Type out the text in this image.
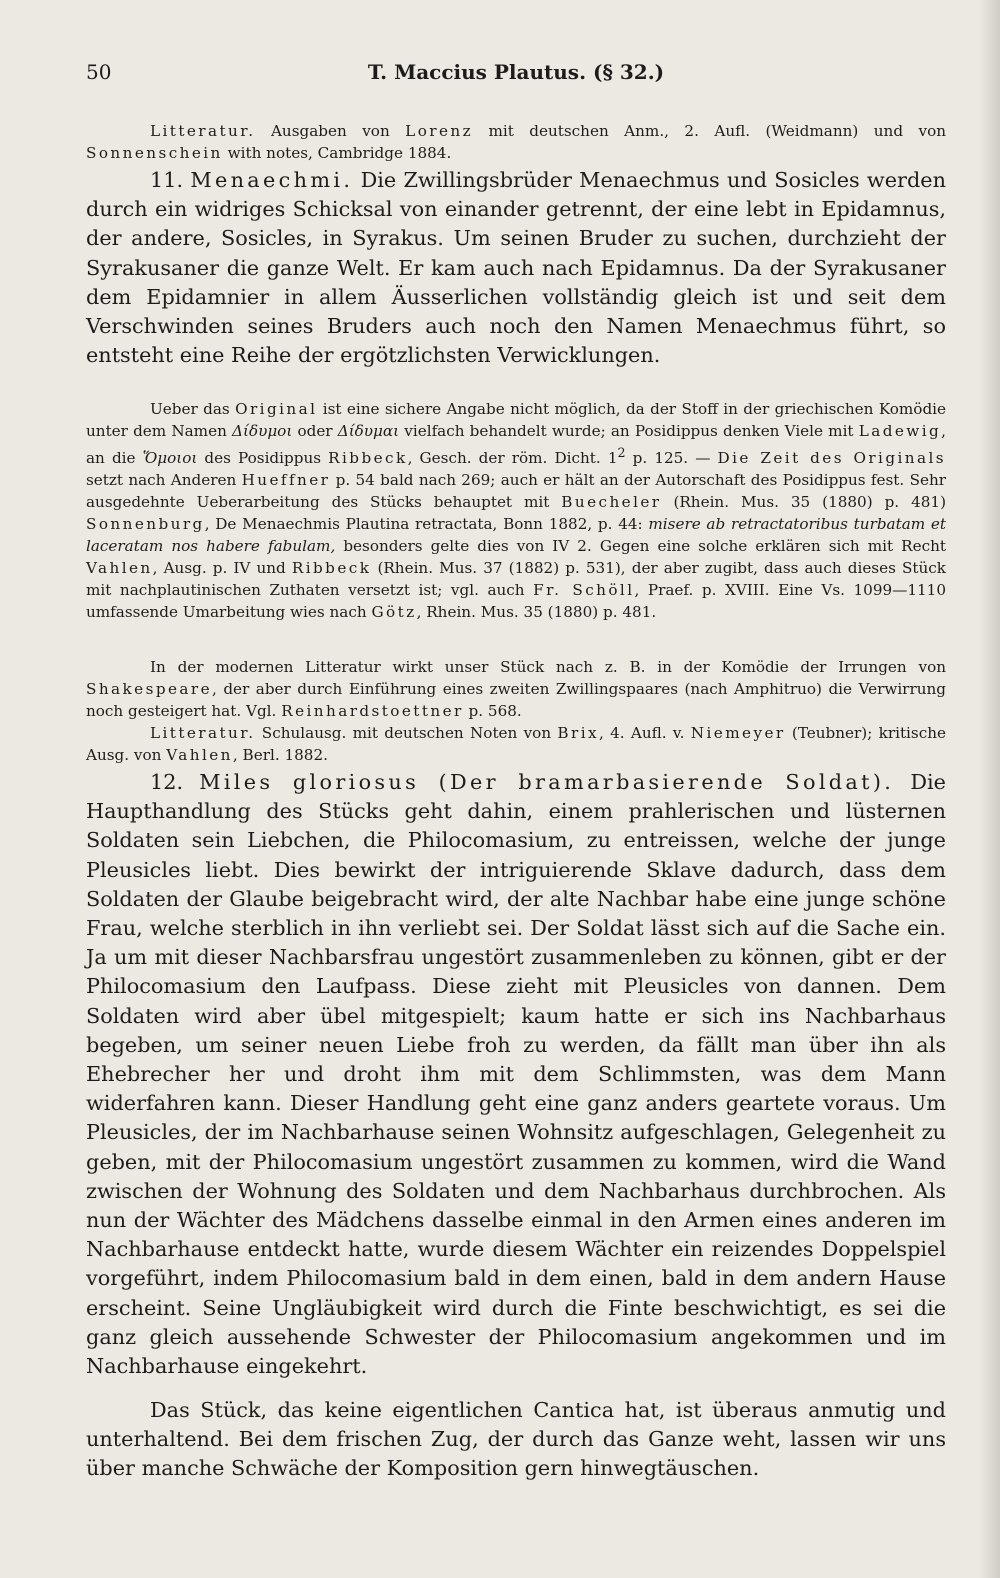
50	T. Maccius Plautus. (§ 32.)

Litteratur. Ausgaben von Lorenz mit deutschen Anm., 2. Aufl. (Weidmann) und von Sonnenschein with notes, Cambridge 1884.

11. Menaechmi. Die Zwillingsbrüder Menaechmus und Sosicles werden durch ein widriges Schicksal von einander getrennt, der eine lebt in Epidamnus, der andere, Sosicles, in Syrakus. Um seinen Bruder zu suchen, durchzieht der Syrakusaner die ganze Welt. Er kam auch nach Epidamnus. Da der Syrakusaner dem Epidamnier in allem Äusserlichen vollständig gleich ist und seit dem Verschwinden seines Bruders auch noch den Namen Menaechmus führt, so entsteht eine Reihe der ergötzlichsten Verwicklungen.

Ueber das Original ist eine sichere Angabe nicht möglich, da der Stoff in der griechischen Komödie unter dem Namen Δίδυμοι oder Δίδυμαι vielfach behandelt wurde; an Posidippus denken Viele mit Ladewig, an die Ὅμοιοι des Posidippus Ribbeck, Gesch. der röm. Dicht. $1^2$ p. 125. — Die Zeit des Originals setzt nach Anderen Hueffner p. 54 bald nach 269; auch er hält an der Autorschaft des Posidippus fest. Sehr ausgedehnte Ueberarbeitung des Stücks behauptet mit Buecheler (Rhein. Mus. 35 (1880) p. 481) Sonnenburg, De Menaechmis Plautina retractata, Bonn 1882, p. 44: misere ab retractatoribus turbatam et laceratam nos habere fabulam, besonders gelte dies von IV 2. Gegen eine solche erklären sich mit Recht Vahlen, Ausg. p. IV und Ribbeck (Rhein. Mus. 37 (1882) p. 531), der aber zugibt, dass auch dieses Stück mit nachplautinischen Zuthaten versetzt ist; vgl. auch Fr. Schöll, Praef. p. XVIII. Eine Vs. 1099—1110 umfassende Umarbeitung wies nach Götz, Rhein. Mus. 35 (1880) p. 481.

In der modernen Litteratur wirkt unser Stück nach z. B. in der Komödie der Irrungen von Shakespeare, der aber durch Einführung eines zweiten Zwillingspaares (nach Amphitruo) die Verwirrung noch gesteigert hat. Vgl. Reinhardstoettner p. 568.

Litteratur. Schulausg. mit deutschen Noten von Brix, 4. Aufl. v. Niemeyer (Teubner); kritische Ausg. von Vahlen, Berl. 1882.

12. Miles gloriosus (Der bramarbasierende Soldat). Die Haupthandlung des Stücks geht dahin, einem prahlerischen und lüsternen Soldaten sein Liebchen, die Philocomasium, zu entreissen, welche der junge Pleusicles liebt. Dies bewirkt der intriguierende Sklave dadurch, dass dem Soldaten der Glaube beigebracht wird, der alte Nachbar habe eine junge schöne Frau, welche sterblich in ihn verliebt sei. Der Soldat lässt sich auf die Sache ein. Ja um mit dieser Nachbarsfrau ungestört zusammenleben zu können, gibt er der Philocomasium den Laufpass. Diese zieht mit Pleusicles von dannen. Dem Soldaten wird aber übel mitgespielt; kaum hatte er sich ins Nachbarhaus begeben, um seiner neuen Liebe froh zu werden, da fällt man über ihn als Ehebrecher her und droht ihm mit dem Schlimmsten, was dem Mann widerfahren kann. Dieser Handlung geht eine ganz anders geartete voraus. Um Pleusicles, der im Nachbarhause seinen Wohnsitz aufgeschlagen, Gelegenheit zu geben, mit der Philocomasium ungestört zusammen zu kommen, wird die Wand zwischen der Wohnung des Soldaten und dem Nachbarhaus durchbrochen. Als nun der Wächter des Mädchens dasselbe einmal in den Armen eines anderen im Nachbarhause entdeckt hatte, wurde diesem Wächter ein reizendes Doppelspiel vorgeführt, indem Philocomasium bald in dem einen, bald in dem andern Hause erscheint. Seine Ungläubigkeit wird durch die Finte beschwichtigt, es sei die ganz gleich aussehende Schwester der Philocomasium angekommen und im Nachbarhause eingekehrt.

Das Stück, das keine eigentlichen Cantica hat, ist überaus anmutig und unterhaltend. Bei dem frischen Zug, der durch das Ganze weht, lassen wir uns über manche Schwäche der Komposition gern hinwegtäuschen.
